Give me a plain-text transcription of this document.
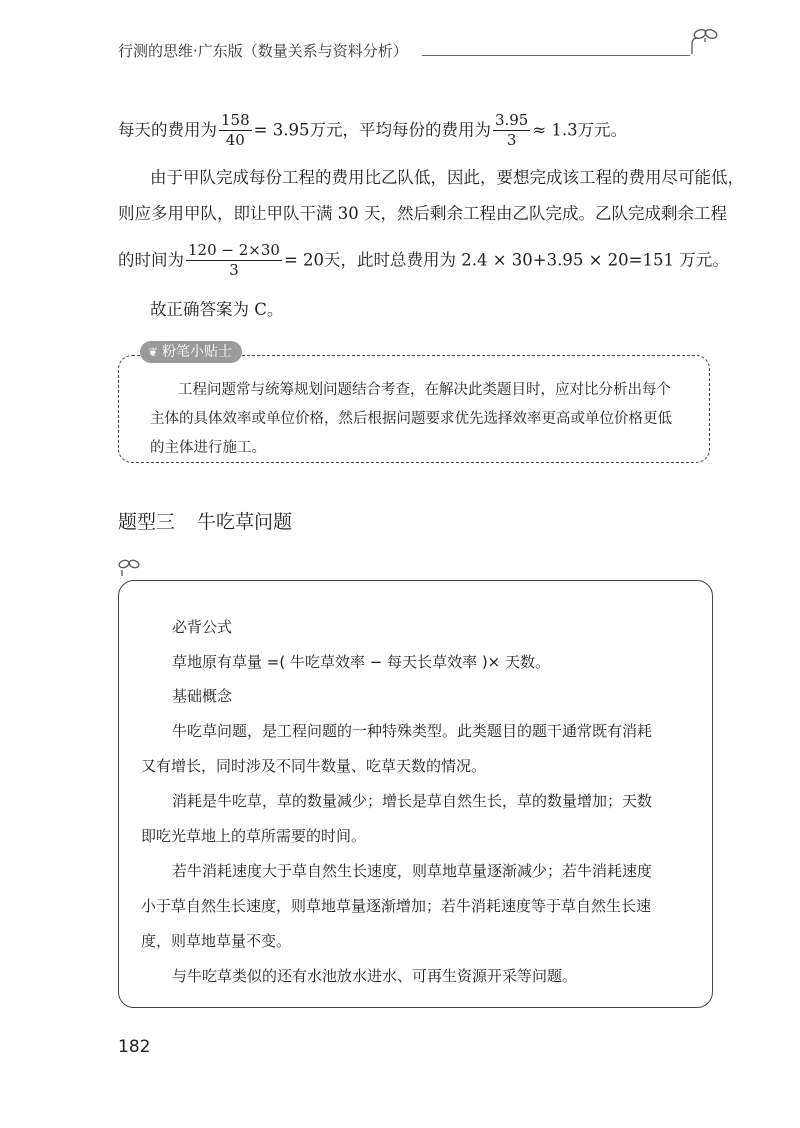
行测的思维·广东版（数量关系与资料分析）
每天的费用为 $\frac{158}{40} = 3.95$万元，平均每份的费用为 $\frac{3.95}{3} \approx 1.3$万元。
由于甲队完成每份工程的费用比乙队低，因此，要想完成该工程的费用尽可能低，
则应多用甲队，即让甲队干满 30 天，然后剩余工程由乙队完成。乙队完成剩余工程
的时间为 $\frac{120 - 2\times 30}{3} = 20$天，此时总费用为 2.4 × 30+3.95 × 20=151 万元。
故正确答案为 C。
❦ 粉笔小贴士
工程问题常与统筹规划问题结合考查，在解决此类题目时，应对比分析出每个
主体的具体效率或单位价格，然后根据问题要求优先选择效率更高或单位价格更低
的主体进行施工。
题型三 牛吃草问题
必背公式
草地原有草量 =( 牛吃草效率 − 每天长草效率 )× 天数。
基础概念
牛吃草问题，是工程问题的一种特殊类型。此类题目的题干通常既有消耗
又有增长，同时涉及不同牛数量、吃草天数的情况。
消耗是牛吃草，草的数量减少；增长是草自然生长，草的数量增加；天数
即吃光草地上的草所需要的时间。
若牛消耗速度大于草自然生长速度，则草地草量逐渐减少；若牛消耗速度
小于草自然生长速度，则草地草量逐渐增加；若牛消耗速度等于草自然生长速
度，则草地草量不变。
与牛吃草类似的还有水池放水进水、可再生资源开采等问题。
182
